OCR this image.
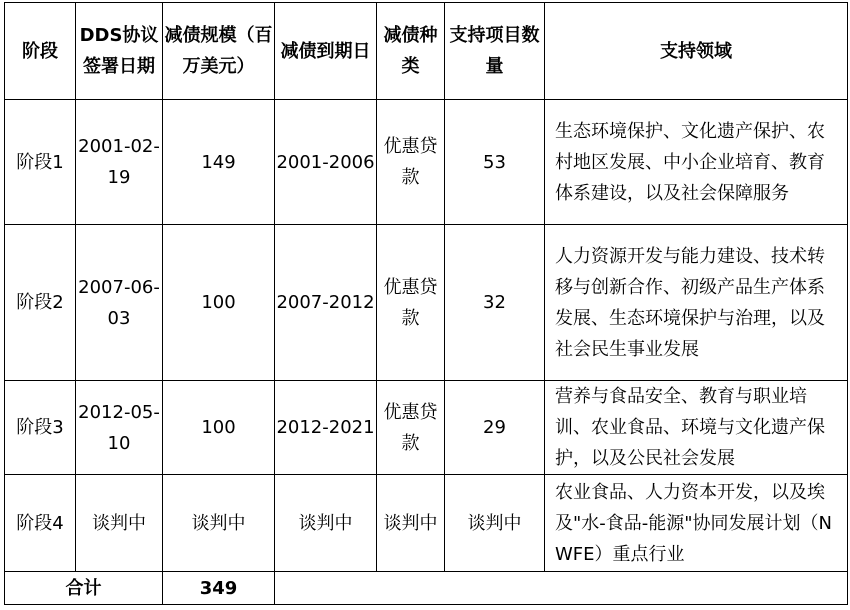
阶段	DDS协议签署日期	减债规模（百万美元）	减债到期日	减债种类	支持项目数量	支持领域
阶段1	2001-02-19	149	2001-2006	优惠贷款	53	生态环境保护、文化遗产保护、农村地区发展、中小企业培育、教育体系建设，以及社会保障服务
阶段2	2007-06-03	100	2007-2012	优惠贷款	32	人力资源开发与能力建设、技术转移与创新合作、初级产品生产体系发展、生态环境保护与治理，以及社会民生事业发展
阶段3	2012-05-10	100	2012-2021	优惠贷款	29	营养与食品安全、教育与职业培训、农业食品、环境与文化遗产保护，以及公民社会发展
阶段4	谈判中	谈判中	谈判中	谈判中	谈判中	农业食品、人力资本开发，以及埃及"水-食品-能源"协同发展计划（NWFE）重点行业
合计		349				
